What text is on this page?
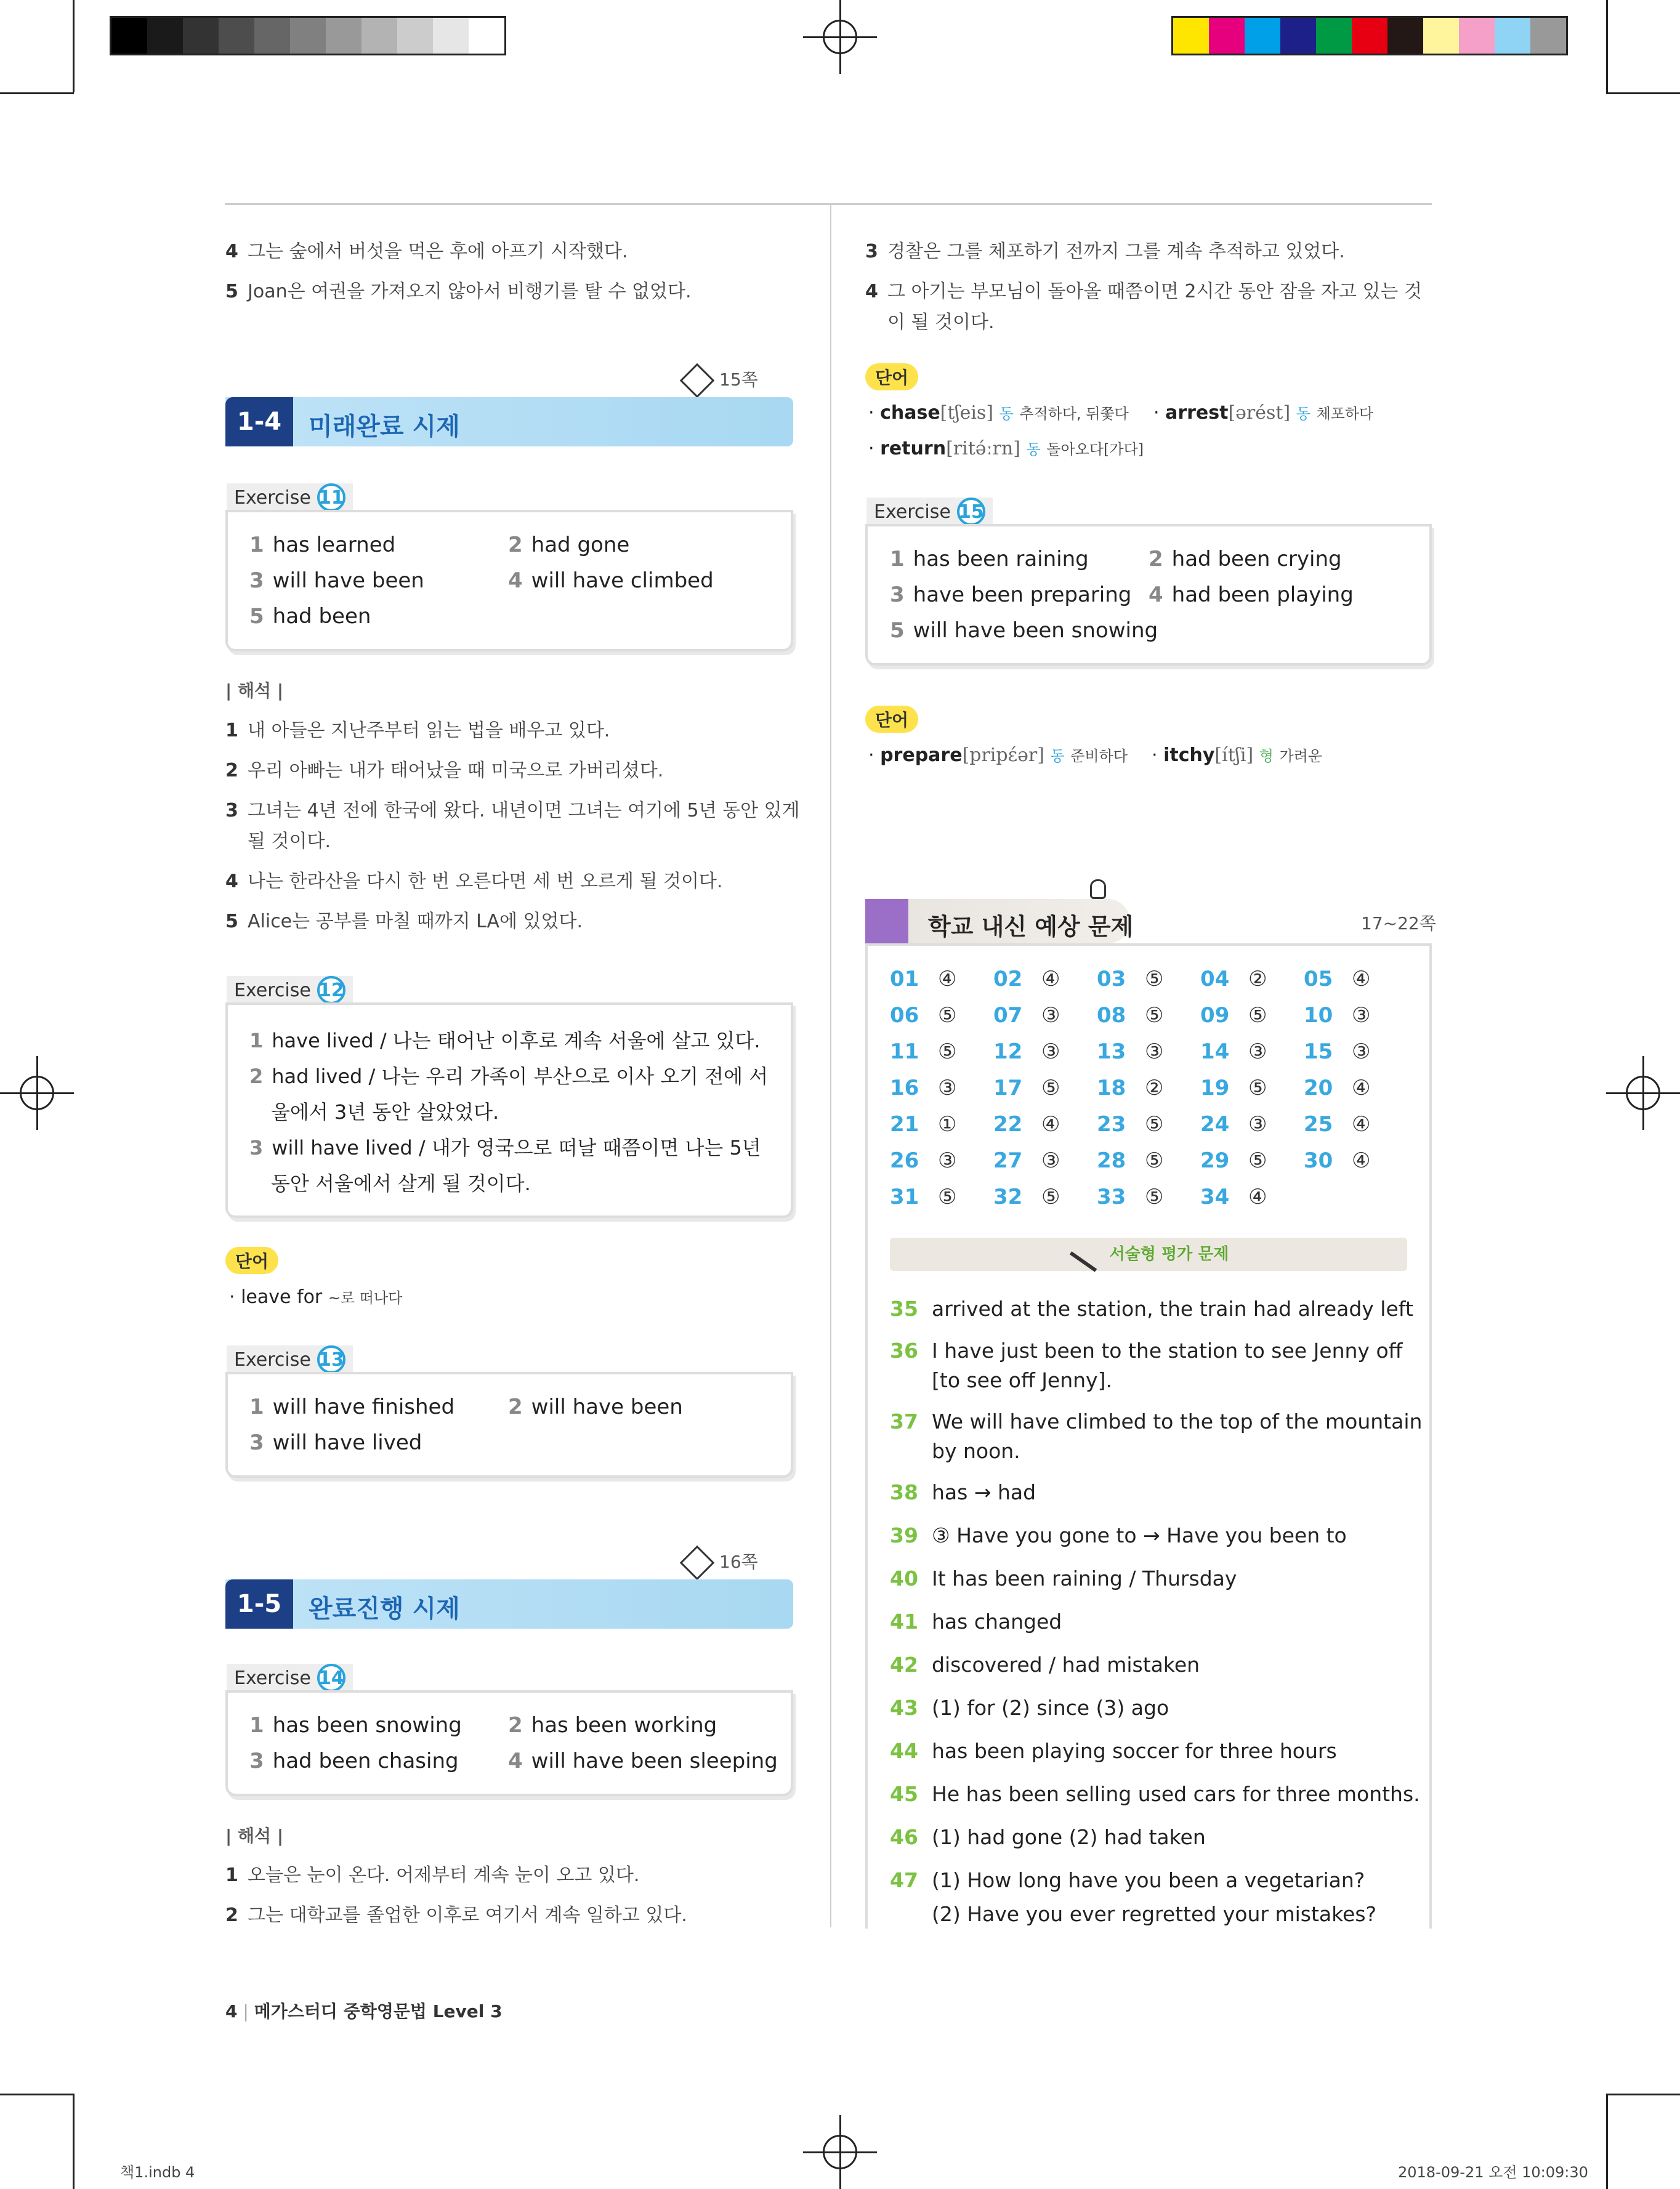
4 그는 숲에서 버섯을 먹은 후에 아프기 시작했다.
5 Joan은 여권을 가져오지 않아서 비행기를 탈 수 없었다.
15쪽
1-4	미래완료 시제
Exercise 11
1 has learned	2 had gone
3 will have been	4 will have climbed
5 had been
| 해석 |
1 내 아들은 지난주부터 읽는 법을 배우고 있다.
2 우리 아빠는 내가 태어났을 때 미국으로 가버리셨다.
3 그녀는 4년 전에 한국에 왔다. 내년이면 그녀는 여기에 5년 동안 있게
될 것이다.
4 나는 한라산을 다시 한 번 오른다면 세 번 오르게 될 것이다.
5 Alice는 공부를 마칠 때까지 LA에 있었다.
Exercise 12
1 have lived / 나는 태어난 이후로 계속 서울에 살고 있다.
2 had lived / 나는 우리 가족이 부산으로 이사 오기 전에 서
울에서 3년 동안 살았었다.
3 will have lived / 내가 영국으로 떠날 때쯤이면 나는 5년
동안 서울에서 살게 될 것이다.
단어
· leave for ~로 떠나다
Exercise 13
1 will have finished	2 will have been
3 will have lived
16쪽
1-5	완료진행 시제
Exercise 14
1 has been snowing 2 has been working
3 had been chasing 4 will have been sleeping
| 해석 |
1 오늘은 눈이 온다. 어제부터 계속 눈이 오고 있다.
2 그는 대학교를 졸업한 이후로 여기서 계속 일하고 있다.
4 | 메가스터디 중학영문법 Level 3
3 경찰은 그를 체포하기 전까지 그를 계속 추적하고 있었다.
4 그 아기는 부모님이 돌아올 때쯤이면 2시간 동안 잠을 자고 있는 것
이 될 것이다.
단어
· chase[tʃeis] 동 추적하다, 뒤쫓다 · arrest[ərést] 동 체포하다
· return[ritə́ːrn] 동 돌아오다[가다]
Exercise 15
1 has been raining	2 had been crying
3 have been preparing 4 had been playing
5 will have been snowing
단어
· prepare[pripέər] 동 준비하다 · itchy[ítʃi] 형 가려운
학교 내신 예상 문제	17~22쪽
01 ④ 02 ④ 03 ⑤ 04 ② 05 ④
06 ⑤ 07 ③ 08 ⑤ 09 ⑤ 10 ③
11 ⑤ 12 ③ 13 ③ 14 ③ 15 ③
16 ③ 17 ⑤ 18 ② 19 ⑤ 20 ④
21 ① 22 ④ 23 ⑤ 24 ③ 25 ④
26 ③ 27 ③ 28 ⑤ 29 ⑤ 30 ④
31 ⑤ 32 ⑤ 33 ⑤ 34 ④
서술형 평가 문제
35 arrived at the station, the train had already left
36 I have just been to the station to see Jenny off [to see off Jenny].
37 We will have climbed to the top of the mountain by noon.
38 has → had
39 ③ Have you gone to → Have you been to
40 It has been raining / Thursday
41 has changed
42 discovered / had mistaken
43 (1) for (2) since (3) ago
44 has been playing soccer for three hours
45 He has been selling used cars for three months.
46 (1) had gone (2) had taken
47 (1) How long have you been a vegetarian?
(2) Have you ever regretted your mistakes?
책1.indb 4	2018-09-21 오전 10:09:30
